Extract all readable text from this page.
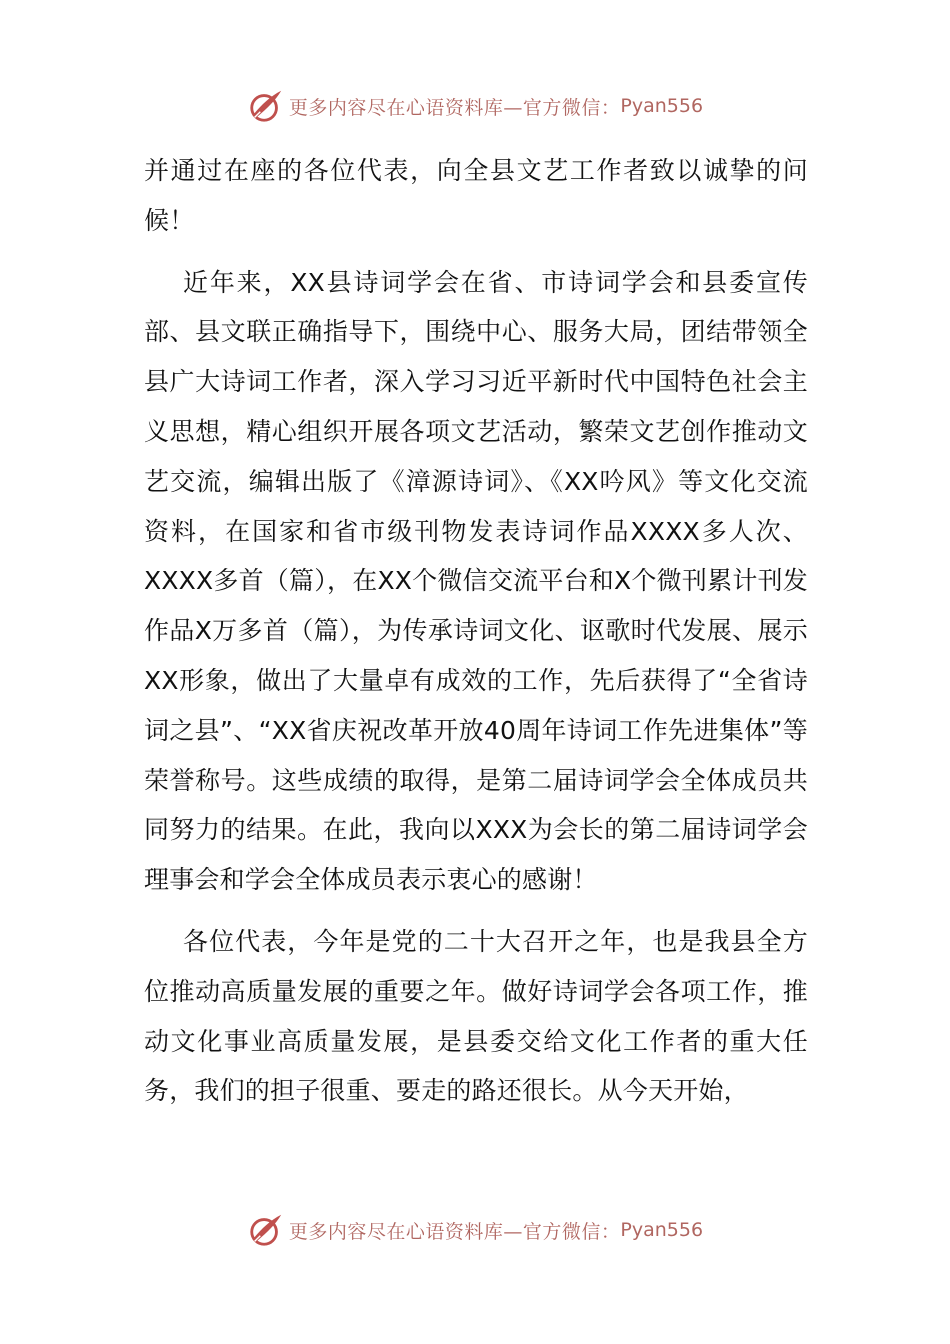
更多内容尽在心语资料库—官方微信： Pyan556

并通过在座的各位代表，向全县文艺工作者致以诚挚的问候！

近年来，XX县诗词学会在省、市诗词学会和县委宣传部、县文联正确指导下，围绕中心、服务大局，团结带领全县广大诗词工作者，深入学习习近平新时代中国特色社会主义思想，精心组织开展各项文艺活动，繁荣文艺创作推动文艺交流，编辑出版了《漳源诗词》、《XX吟风》等文化交流资料，在国家和省市级刊物发表诗词作品XXXX多人次、XXXX多首（篇），在XX个微信交流平台和X个微刊累计刊发作品X万多首（篇），为传承诗词文化、讴歌时代发展、展示XX形象，做出了大量卓有成效的工作，先后获得了“全省诗词之县”、“XX省庆祝改革开放40周年诗词工作先进集体”等荣誉称号。这些成绩的取得，是第二届诗词学会全体成员共同努力的结果。在此，我向以XXX为会长的第二届诗词学会理事会和学会全体成员表示衷心的感谢！

各位代表，今年是党的二十大召开之年，也是我县全方位推动高质量发展的重要之年。做好诗词学会各项工作，推动文化事业高质量发展，是县委交给文化工作者的重大任务，我们的担子很重、要走的路还很长。从今天开始，

更多内容尽在心语资料库—官方微信： Pyan556
